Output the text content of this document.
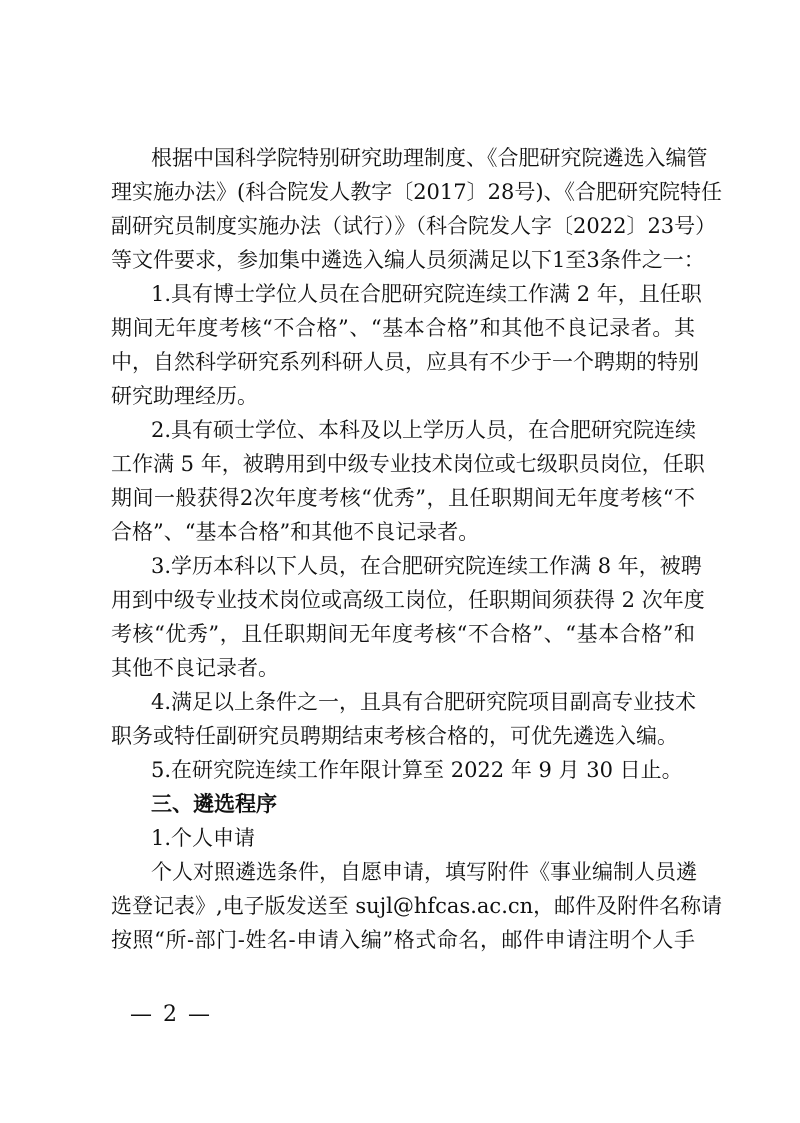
根据中国科学院特别研究助理制度、《合肥研究院遴选入编管
理实施办法》(科合院发人教字〔2017〕28号)、《合肥研究院特任
副研究员制度实施办法（试行）》（科合院发人字〔2022〕23号）
等文件要求，参加集中遴选入编人员须满足以下1至3条件之一：
1.具有博士学位人员在合肥研究院连续工作满 2 年，且任职
期间无年度考核“不合格”、“基本合格”和其他不良记录者。其
中，自然科学研究系列科研人员，应具有不少于一个聘期的特别
研究助理经历。
2.具有硕士学位、本科及以上学历人员，在合肥研究院连续
工作满 5 年，被聘用到中级专业技术岗位或七级职员岗位，任职
期间一般获得2次年度考核“优秀”，且任职期间无年度考核“不
合格”、“基本合格”和其他不良记录者。
3.学历本科以下人员，在合肥研究院连续工作满 8 年，被聘
用到中级专业技术岗位或高级工岗位，任职期间须获得 2 次年度
考核“优秀”，且任职期间无年度考核“不合格”、“基本合格”和
其他不良记录者。
4.满足以上条件之一，且具有合肥研究院项目副高专业技术
职务或特任副研究员聘期结束考核合格的，可优先遴选入编。
5.在研究院连续工作年限计算至 2022 年 9 月 30 日止。
三、遴选程序
1.个人申请
个人对照遴选条件，自愿申请，填写附件《事业编制人员遴
选登记表》,电子版发送至 sujl@hfcas.ac.cn，邮件及附件名称请
按照“所-部门-姓名-申请入编”格式命名，邮件申请注明个人手
— 2 —
